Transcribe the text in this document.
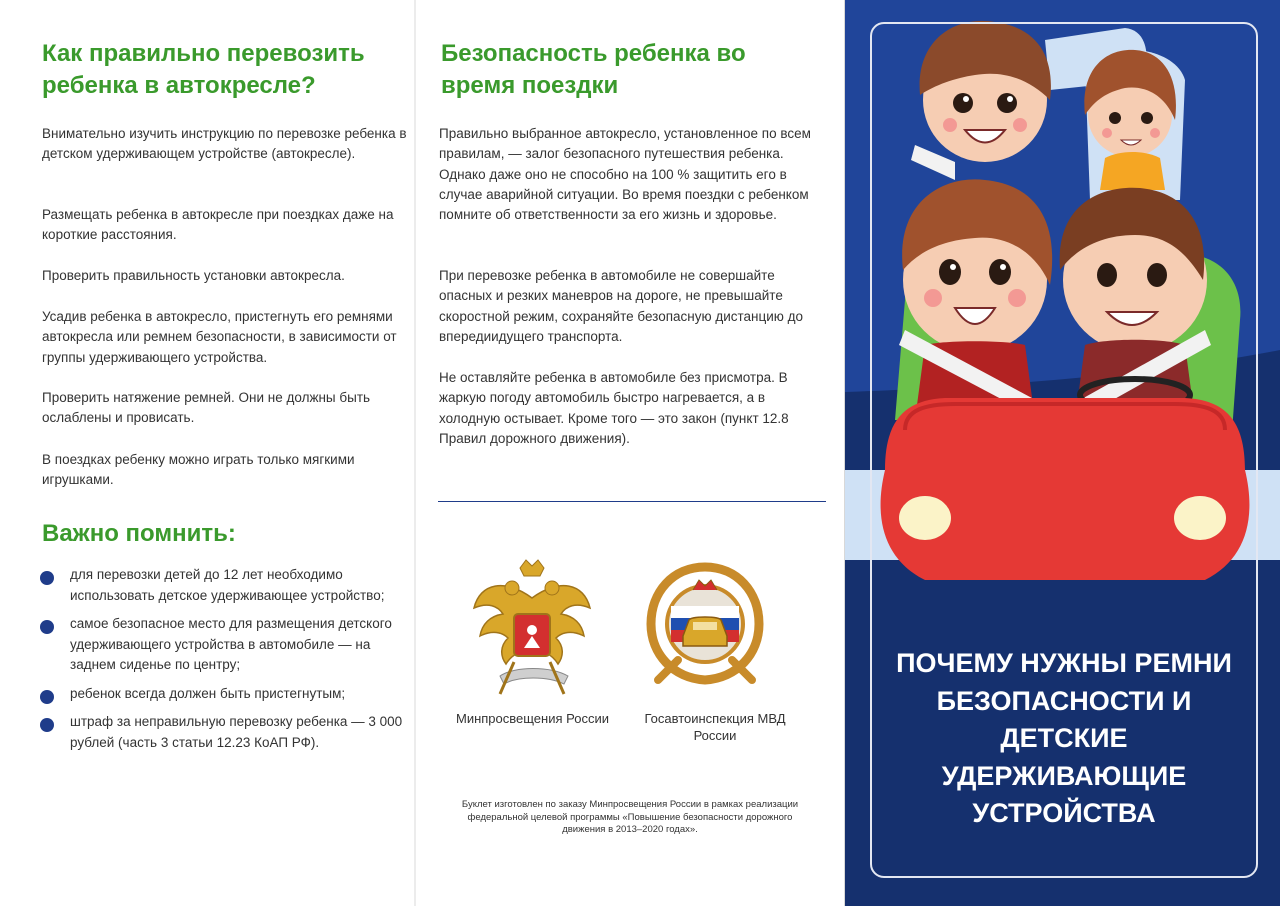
Как правильно перевозить ребенка в автокресле?

Внимательно изучить инструкцию по перевозке ребенка в детском удерживающем устройстве (автокресле).

Размещать ребенка в автокресле при поездках даже на короткие расстояния.

Проверить правильность установки автокресла.

Усадив ребенка в автокресло, пристегнуть его ремнями автокресла или ремнем безопасности, в зависимости от группы удерживающего устройства.

Проверить натяжение ремней. Они не должны быть ослаблены и провисать.

В поездках ребенку можно играть только мягкими игрушками.

Важно помнить:
для перевозки детей до 12 лет необходимо использовать детское удерживающее устройство;
самое безопасное место для размещения детского удерживающего устройства в автомобиле — на заднем сиденье по центру;
ребенок всегда должен быть пристегнутым;
штраф за неправильную перевозку ребенка — 3 000 рублей (часть 3 статьи 12.23 КоАП РФ).
Безопасность ребенка во время поездки

Правильно выбранное автокресло, установленное по всем правилам, — залог безопасного путешествия ребенка. Однако даже оно не способно на 100 % защитить его в случае аварийной ситуации. Во время поездки с ребенком помните об ответственности за его жизнь и здоровье.

При перевозке ребенка в автомобиле не совершайте опасных и резких маневров на дороге, не превышайте скоростной режим, сохраняйте безопасную дистанцию до впередиидущего транспорта.

Не оставляйте ребенка в автомобиле без присмотра. В жаркую погоду автомобиль быстро нагревается, а в холодную остывает. Кроме того — это закон (пункт 12.8 Правил дорожного движения).

Минпросвещения России	Госавтоинспекция МВД России
Буклет изготовлен по заказу Минпросвещения России в рамках реализации федеральной целевой программы «Повышение безопасности дорожного движения в 2013–2020 годах».
ПОЧЕМУ НУЖНЫ РЕМНИ БЕЗОПАСНОСТИ И ДЕТСКИЕ УДЕРЖИВАЮЩИЕ УСТРОЙСТВА
